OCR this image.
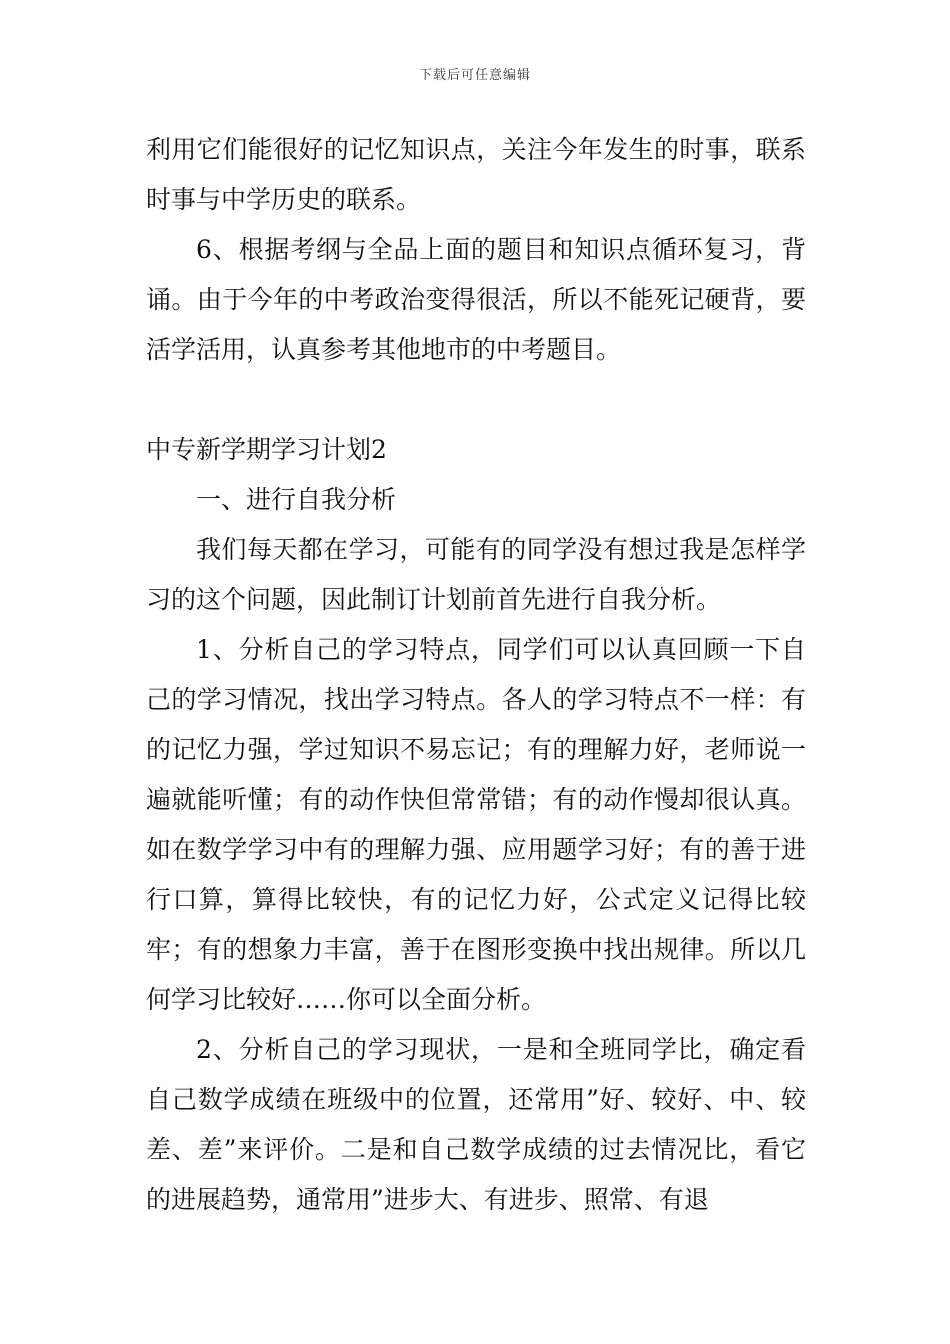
下载后可任意编辑

利用它们能很好的记忆知识点，关注今年发生的时事，联系时事与中学历史的联系。

6、根据考纲与全品上面的题目和知识点循环复习，背诵。由于今年的中考政治变得很活，所以不能死记硬背，要活学活用，认真参考其他地市的中考题目。

中专新学期学习计划2

一、进行自我分析

我们每天都在学习，可能有的同学没有想过我是怎样学习的这个问题，因此制订计划前首先进行自我分析。

1、分析自己的学习特点，同学们可以认真回顾一下自己的学习情况，找出学习特点。各人的学习特点不一样：有的记忆力强，学过知识不易忘记；有的理解力好，老师说一遍就能听懂；有的动作快但常常错；有的动作慢却很认真。如在数学学习中有的理解力强、应用题学习好；有的善于进行口算，算得比较快，有的记忆力好，公式定义记得比较牢；有的想象力丰富，善于在图形变换中找出规律。所以几何学习比较好……你可以全面分析。

2、分析自己的学习现状，一是和全班同学比，确定看自己数学成绩在班级中的位置，还常用”好、较好、中、较差、差”来评价。二是和自己数学成绩的过去情况比，看它的进展趋势，通常用”进步大、有进步、照常、有退
